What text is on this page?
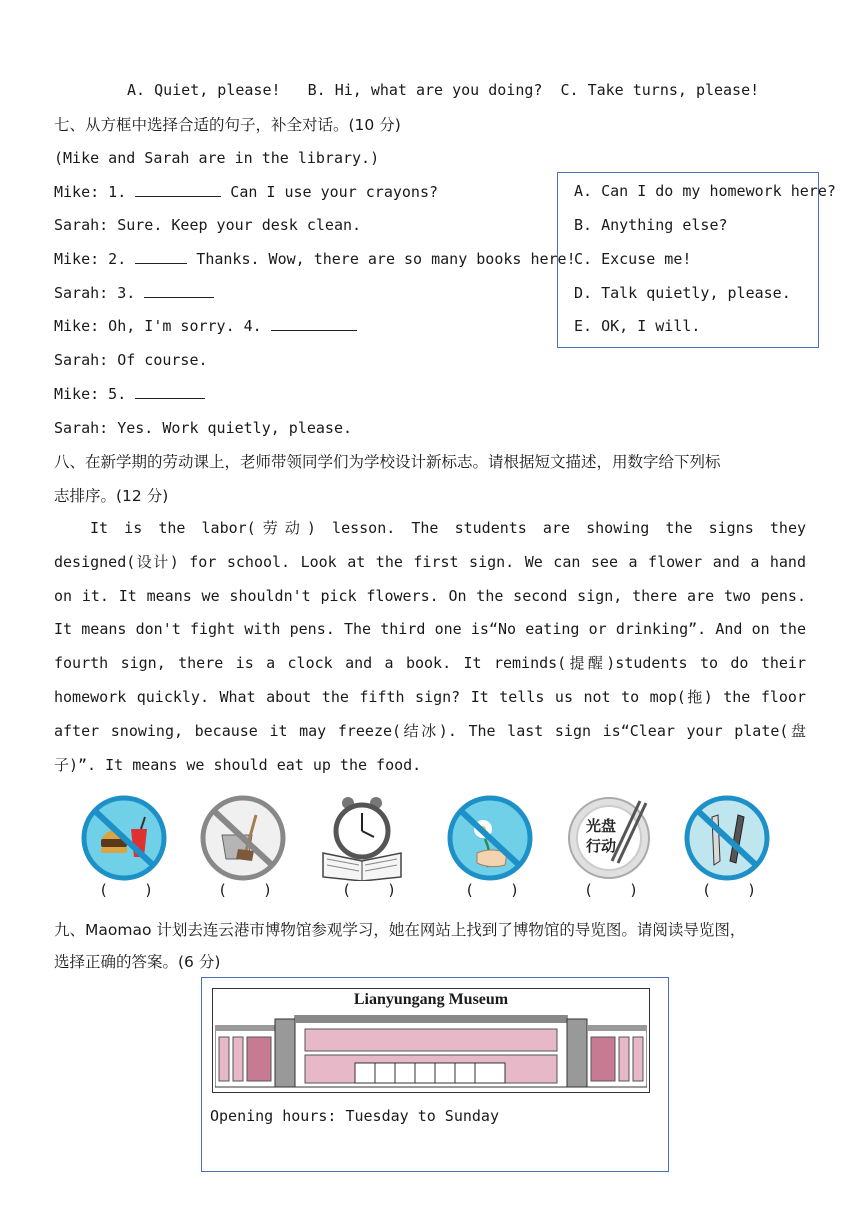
A. Quiet, please!   B. Hi, what are you doing?  C. Take turns, please!
七、从方框中选择合适的句子，补全对话。(10 分)
(Mike and Sarah are in the library.)
Mike: 1.	Can I use your crayons?
Sarah: Sure. Keep your desk clean.
Mike: 2.	Thanks. Wow, there are so many books here!
Sarah: 3.
Mike: Oh, I'm sorry. 4.
Sarah: Of course.
Mike: 5.
Sarah: Yes. Work quietly, please.
A. Can I do my homework here?
B. Anything else?
C. Excuse me!
D. Talk quietly, please.
E. OK, I will.
八、在新学期的劳动课上，老师带领同学们为学校设计新标志。请根据短文描述，用数字给下列标
志排序。(12 分)
It is the labor(劳动) lesson. The students are showing the signs they designed(设计) for school. Look at the first sign. We can see a flower and a hand on it. It means we shouldn't pick flowers. On the second sign, there are two pens. It means don't fight with pens. The third one is“No eating or drinking”. And on the fourth sign, there is a clock and a book. It reminds(提醒)students to do their homework quickly. What about the fifth sign? It tells us not to mop(拖) the floor after snowing, because it may freeze(结冰). The last sign is“Clear your plate(盘子)”. It means we should eat up the food.
光盘
行动
(    )	(    )	(    )	(    )	(    )	(    )
九、Maomao 计划去连云港市博物馆参观学习，她在网站上找到了博物馆的导览图。请阅读导览图，
选择正确的答案。(6 分)
Lianyungang Museum
Opening hours: Tuesday to Sunday
